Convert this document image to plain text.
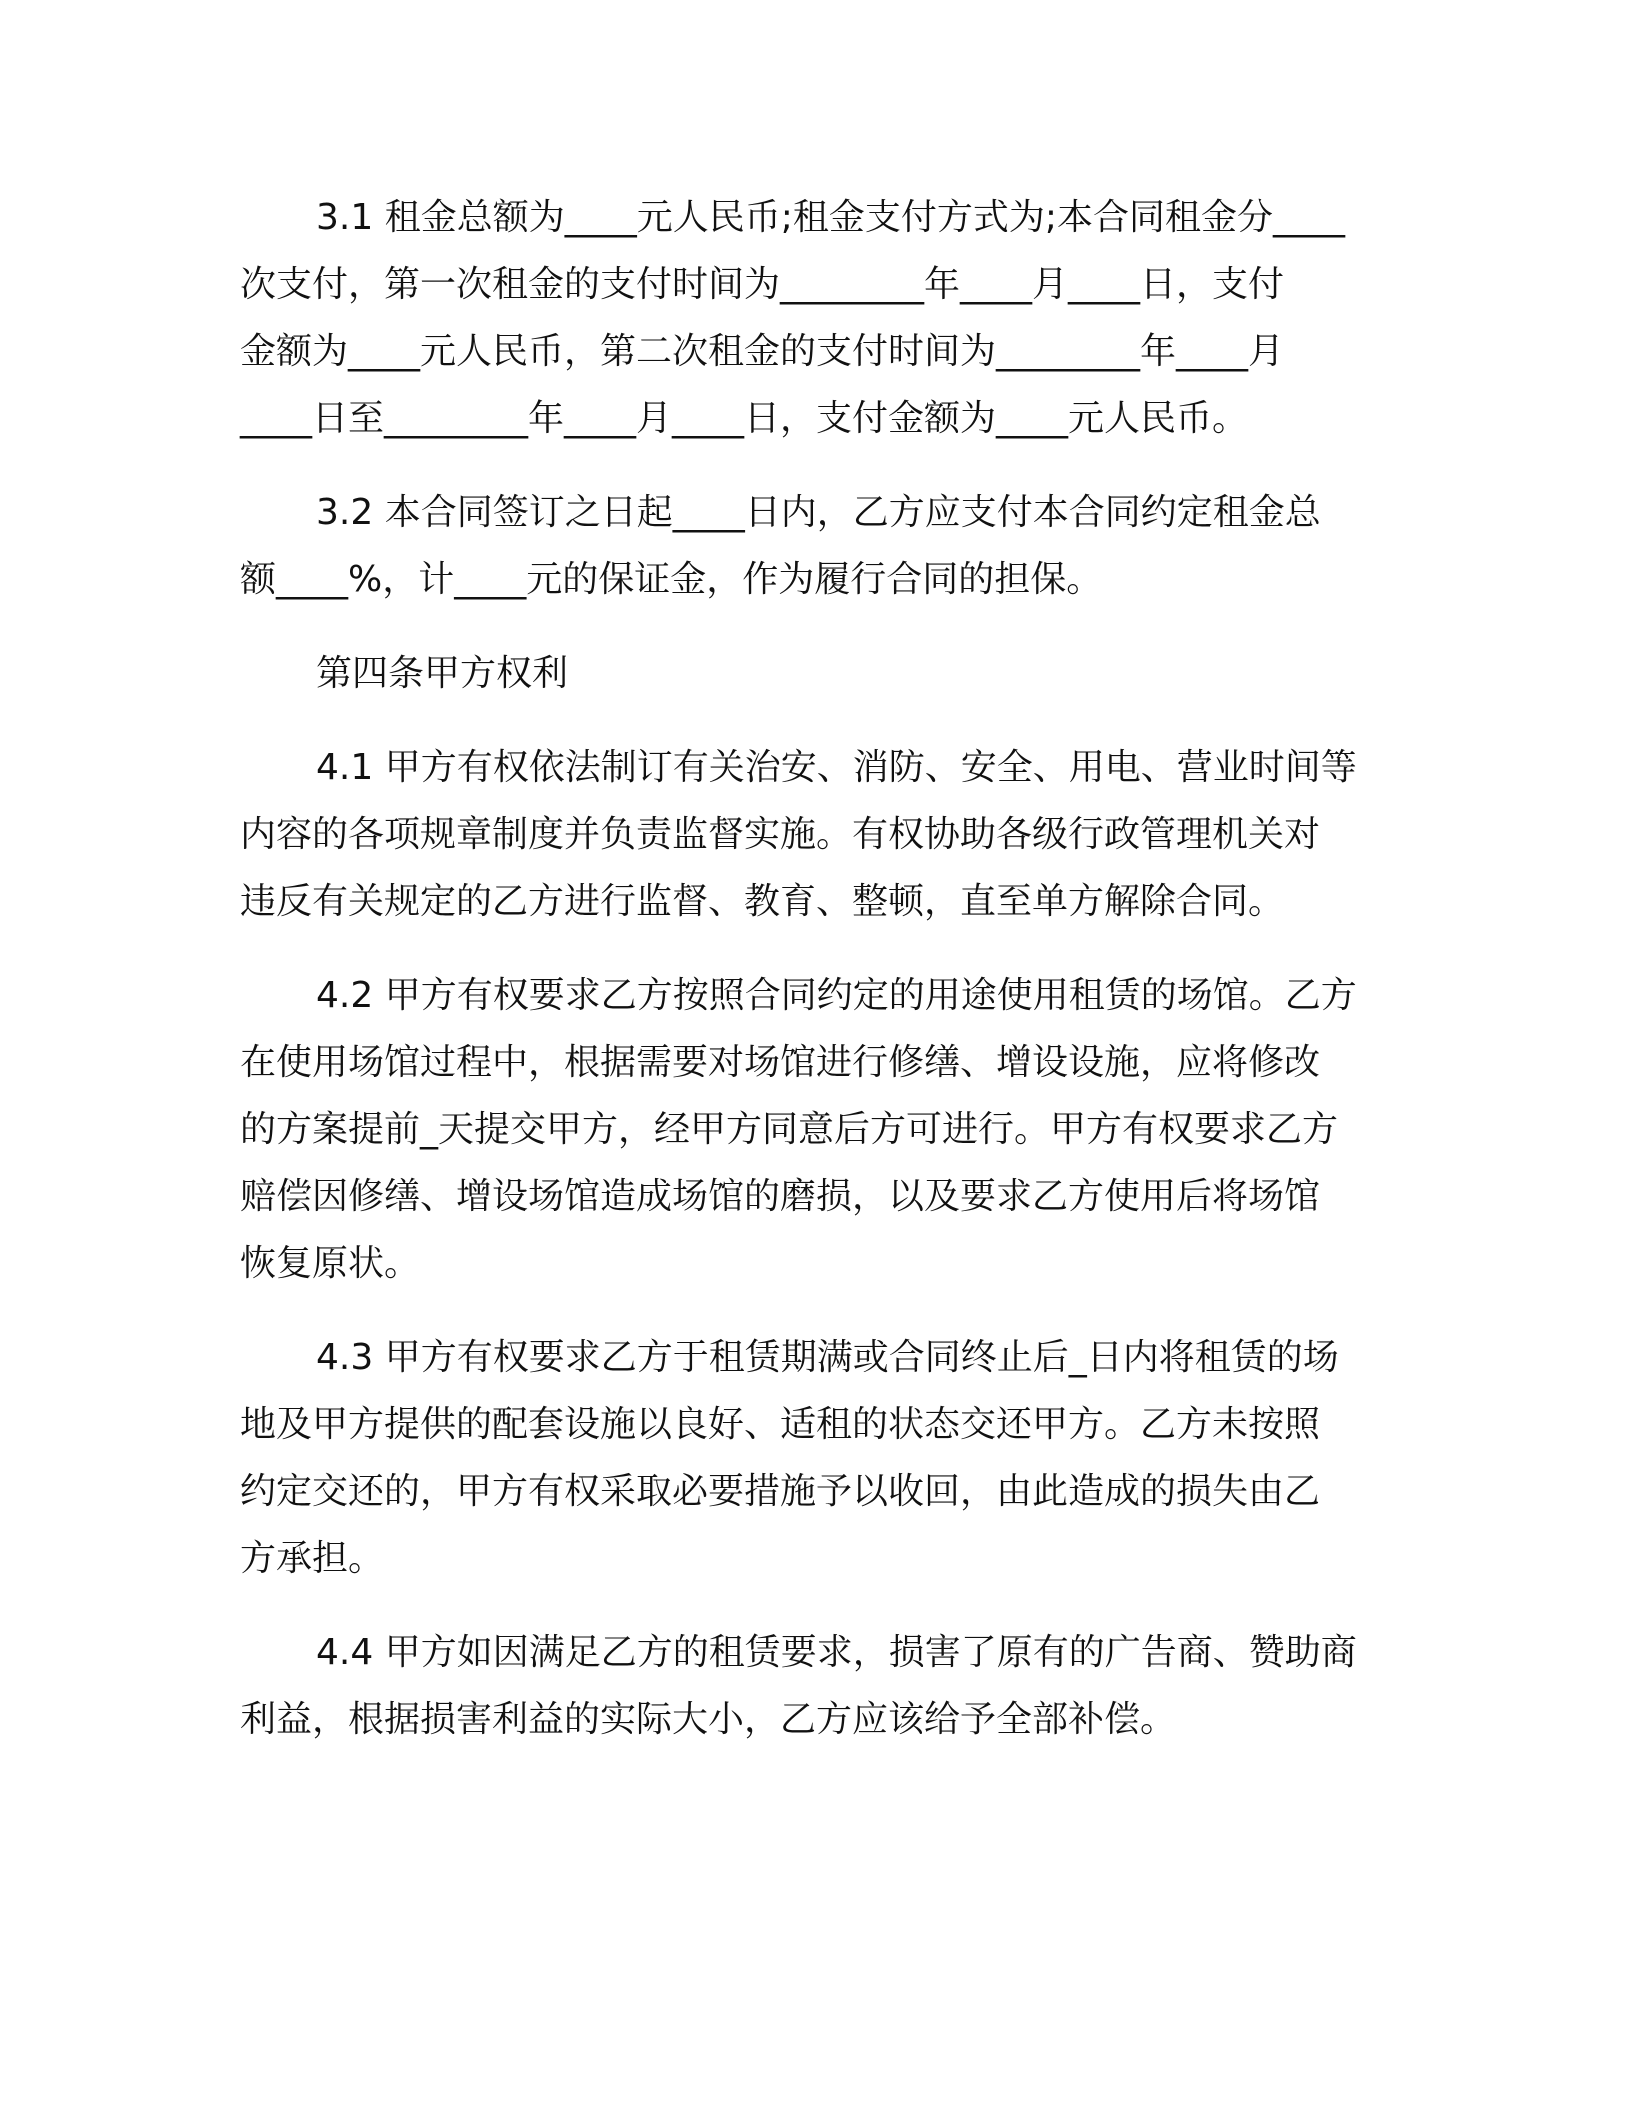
3.1 租金总额为____元人民币;租金支付方式为;本合同租金分____
次支付，第一次租金的支付时间为________年____月____日，支付
金额为____元人民币，第二次租金的支付时间为________年____月
____日至________年____月____日，支付金额为____元人民币。

3.2 本合同签订之日起____日内，乙方应支付本合同约定租金总
额____%，计____元的保证金，作为履行合同的担保。

第四条甲方权利

4.1 甲方有权依法制订有关治安、消防、安全、用电、营业时间等
内容的各项规章制度并负责监督实施。有权协助各级行政管理机关对
违反有关规定的乙方进行监督、教育、整顿，直至单方解除合同。

4.2 甲方有权要求乙方按照合同约定的用途使用租赁的场馆。乙方
在使用场馆过程中，根据需要对场馆进行修缮、增设设施，应将修改
的方案提前_天提交甲方，经甲方同意后方可进行。甲方有权要求乙方
赔偿因修缮、增设场馆造成场馆的磨损，以及要求乙方使用后将场馆
恢复原状。

4.3 甲方有权要求乙方于租赁期满或合同终止后_日内将租赁的场
地及甲方提供的配套设施以良好、适租的状态交还甲方。乙方未按照
约定交还的，甲方有权采取必要措施予以收回，由此造成的损失由乙
方承担。

4.4 甲方如因满足乙方的租赁要求，损害了原有的广告商、赞助商
利益，根据损害利益的实际大小，乙方应该给予全部补偿。
